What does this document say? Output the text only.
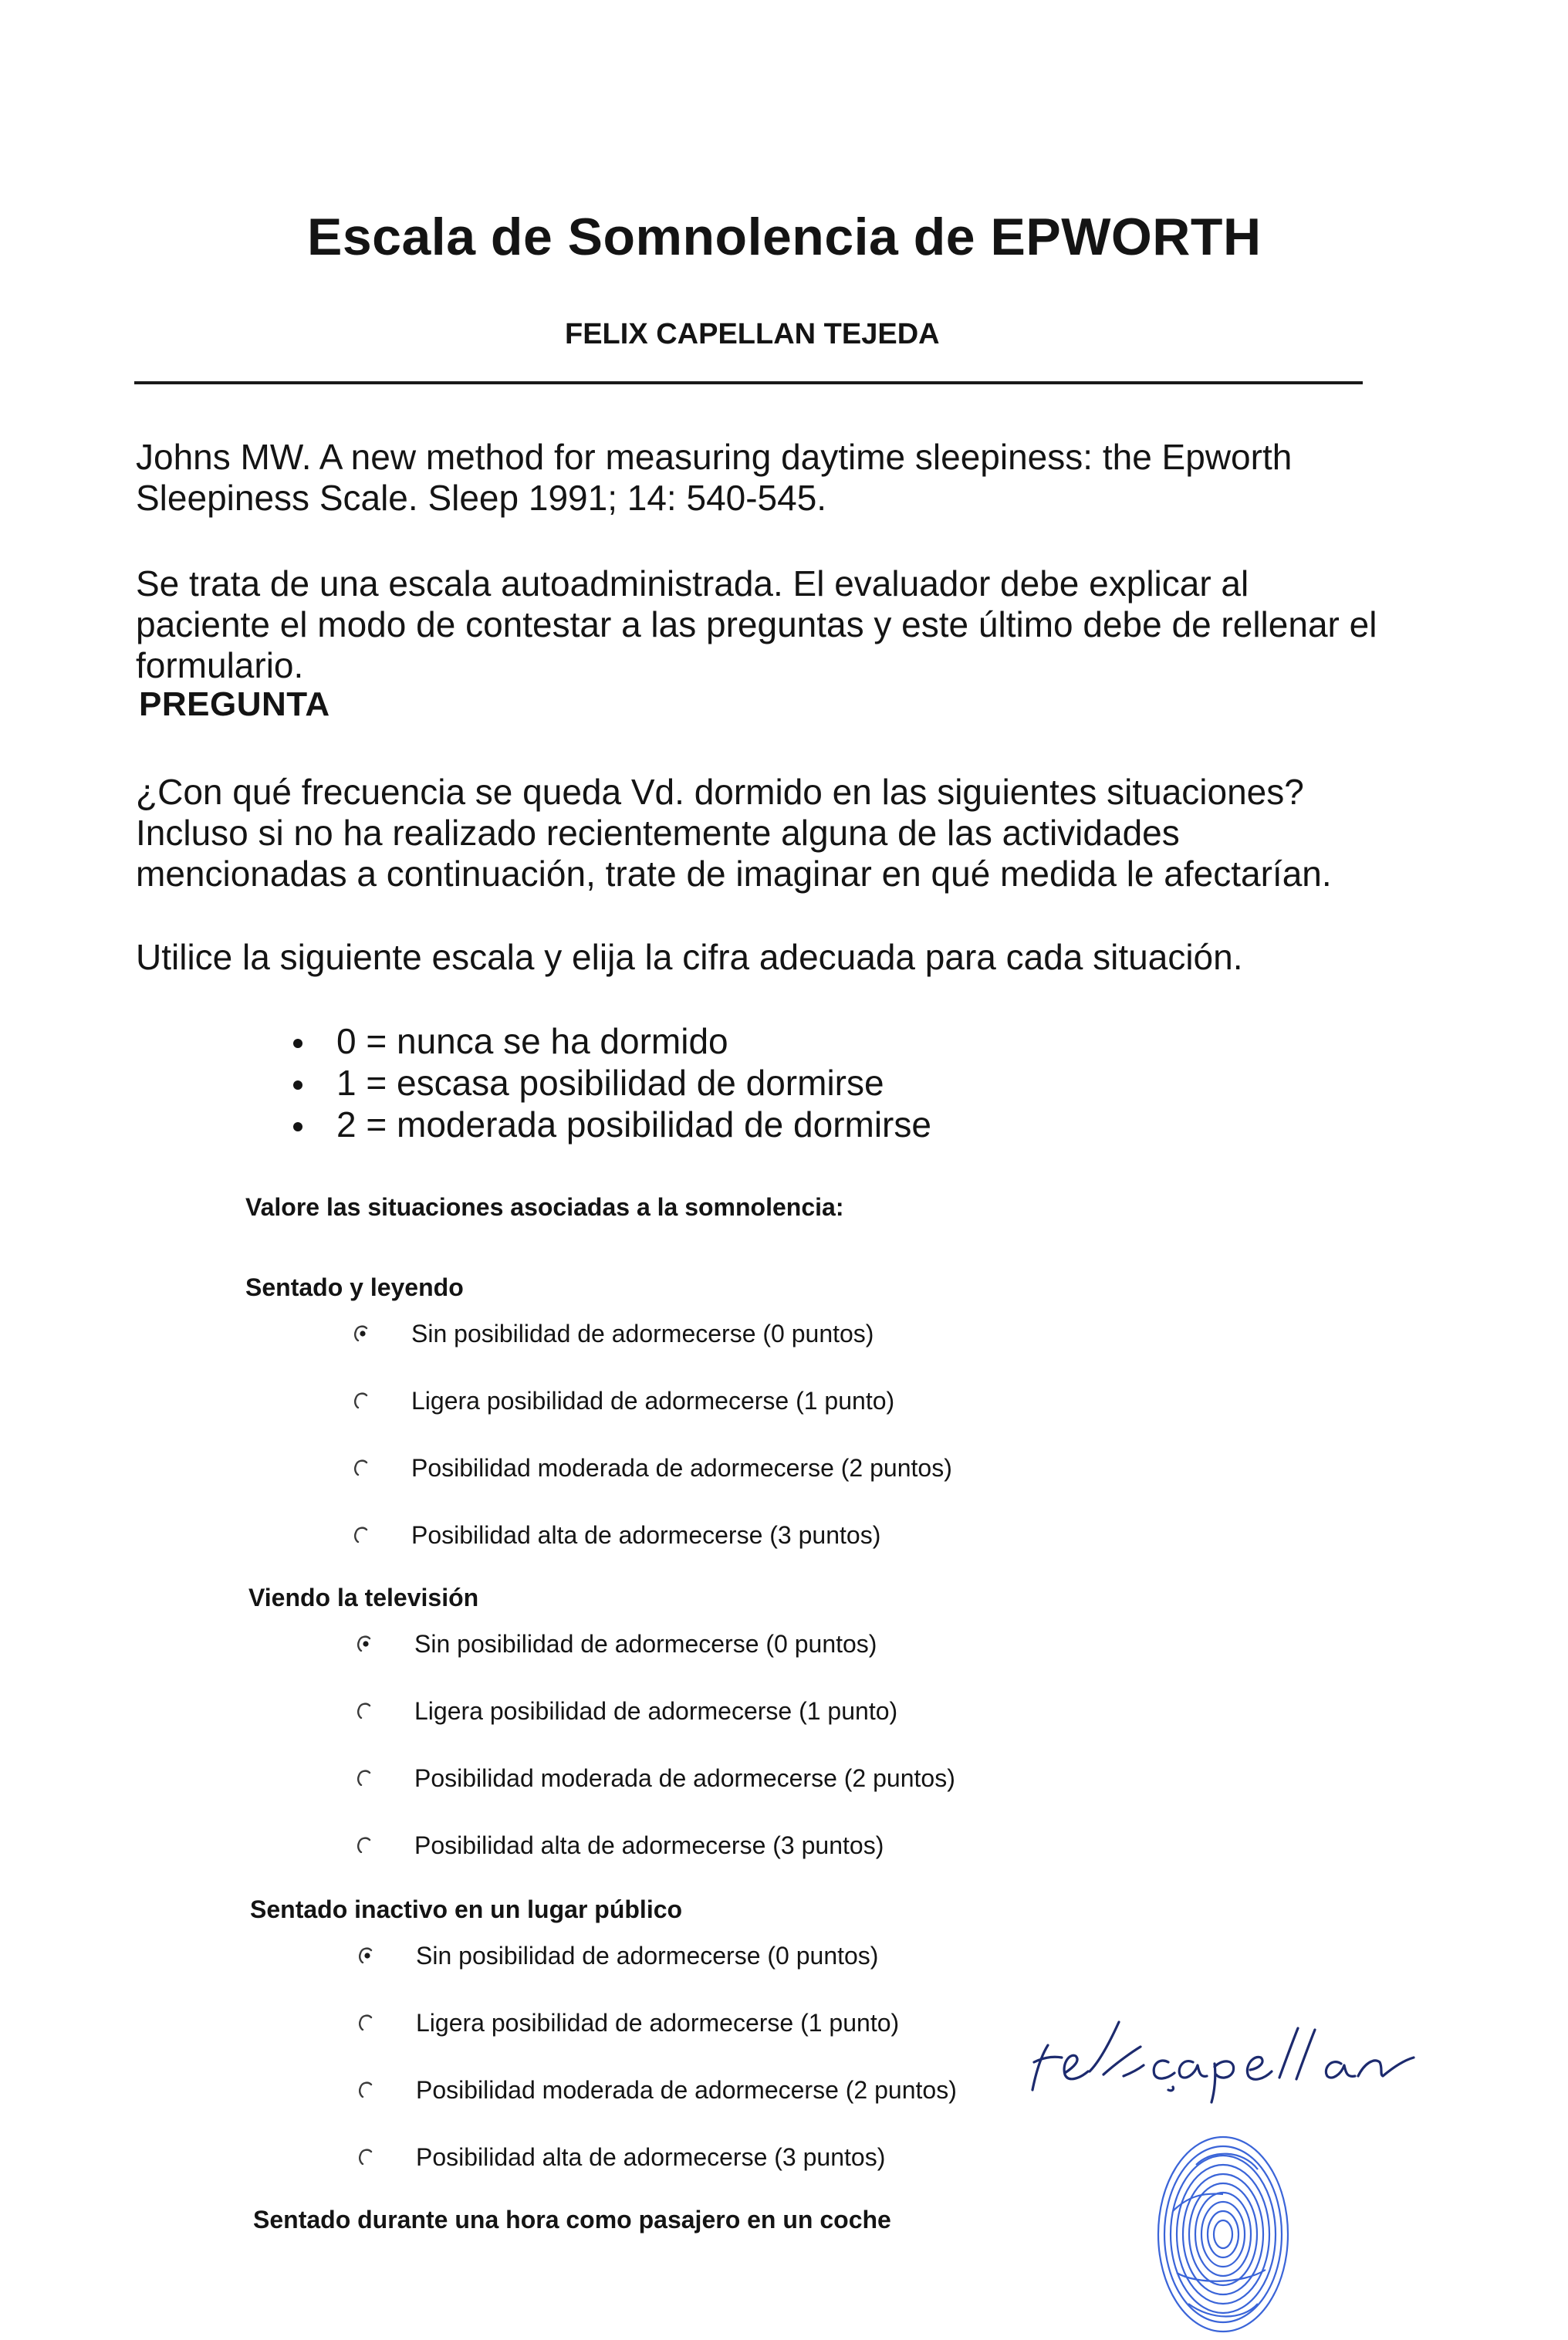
Escala de Somnolencia de EPWORTH
FELIX CAPELLAN TEJEDA
Johns MW. A new method for measuring daytime sleepiness: the Epworth Sleepiness Scale. Sleep 1991; 14: 540-545.
Se trata de una escala autoadministrada. El evaluador debe explicar al paciente el modo de contestar a las preguntas y este último debe de rellenar el formulario.
PREGUNTA
¿Con qué frecuencia se queda Vd. dormido en las siguientes situaciones? Incluso si no ha realizado recientemente alguna de las actividades mencionadas a continuación, trate de imaginar en qué medida le afectarían.
Utilice la siguiente escala y elija la cifra adecuada para cada situación.
0 = nunca se ha dormido
1 = escasa posibilidad de dormirse
2 = moderada posibilidad de dormirse
Valore las situaciones asociadas a la somnolencia:

Sentado y leyendo

Sin posibilidad de adormecerse (0 puntos)
Ligera posibilidad de adormecerse (1 punto)
Posibilidad moderada de adormecerse (2 puntos)
Posibilidad alta de adormecerse (3 puntos)

Viendo la televisión

Sin posibilidad de adormecerse (0 puntos)
Ligera posibilidad de adormecerse (1 punto)
Posibilidad moderada de adormecerse (2 puntos)
Posibilidad alta de adormecerse (3 puntos)

Sentado inactivo en un lugar público

Sin posibilidad de adormecerse (0 puntos)
Ligera posibilidad de adormecerse (1 punto)
Posibilidad moderada de adormecerse (2 puntos)
Posibilidad alta de adormecerse (3 puntos)

Sentado durante una hora como pasajero en un coche
